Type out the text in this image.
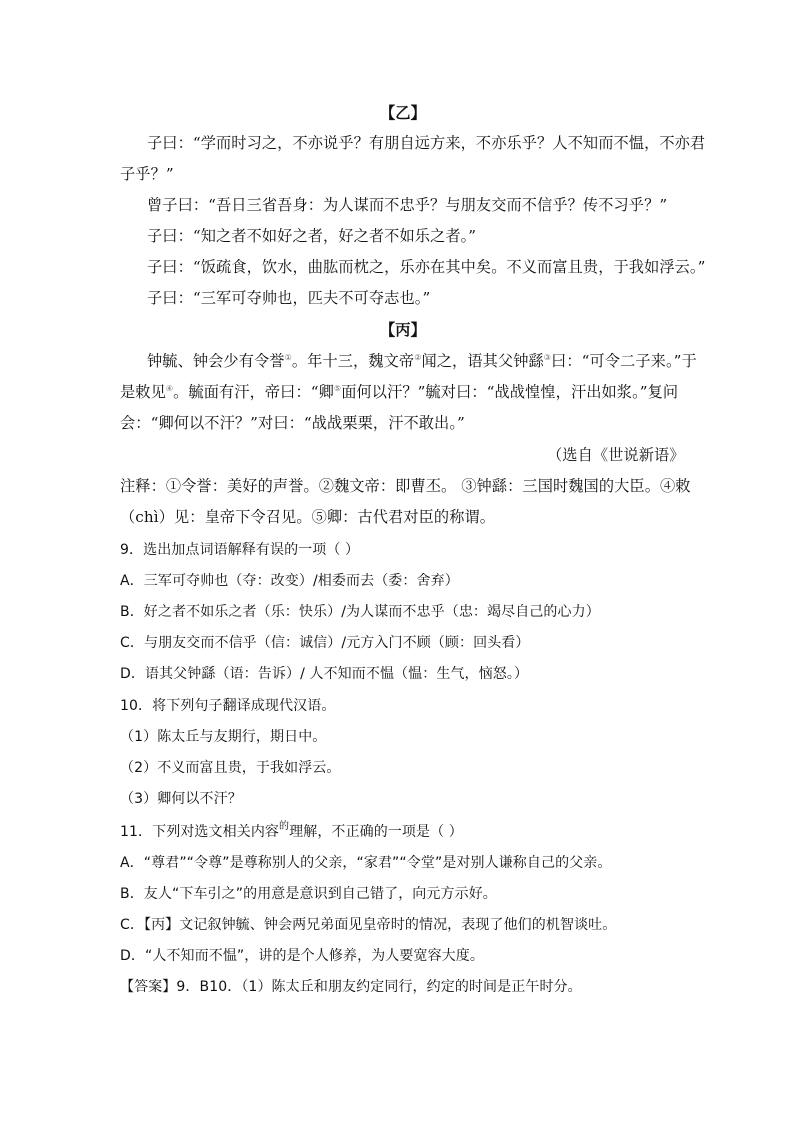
【乙】
子曰：“学而时习之，不亦说乎？有朋自远方来，不亦乐乎？人不知而不愠，不亦君
子乎？”
曾子曰：“吾日三省吾身：为人谋而不忠乎？与朋友交而不信乎？传不习乎？”
子曰：“知之者不如好之者，好之者不如乐之者。”
子曰：“饭疏食，饮水，曲肱而枕之，乐亦在其中矣。不义而富且贵，于我如浮云。”
子曰：“三军可夺帅也，匹夫不可夺志也。”
【丙】
钟毓、钟会少有令誉①。年十三，魏文帝②闻之，语其父钟繇③曰：“可令二子来。”于
是敕见④。毓面有汗，帝曰：“卿⑤面何以汗？”毓对曰：“战战惶惶，汗出如浆。”复问
会：“卿何以不汗？”对曰：“战战栗栗，汗不敢出。”
（选自《世说新语》
注释：①令誉：美好的声誉。②魏文帝：即曹丕。 ③钟繇：三国时魏国的大臣。④敕
（chì）见：皇帝下令召见。⑤卿：古代君对臣的称谓。
9．选出加点词语解释有误的一项（ ）
A．三军可夺帅也（夺：改变）/相委而去（委：舍弃）
B．好之者不如乐之者（乐：快乐）/为人谋而不忠乎（忠：竭尽自己的心力）
C．与朋友交而不信乎（信：诚信）/元方入门不顾（顾：回头看）
D．语其父钟繇（语：告诉）/ 人不知而不愠（愠：生气，恼怒。）
10．将下列句子翻译成现代汉语。
（1）陈太丘与友期行，期日中。
（2）不义而富且贵，于我如浮云。
（3）卿何以不汗？
11．下列对选文相关内容$^的$理解，不正确的一项是（ ）
A．“尊君”“令尊”是尊称别人的父亲，“家君”“令堂”是对别人谦称自己的父亲。
B．友人“下车引之”的用意是意识到自己错了，向元方示好。
C．【丙】文记叙钟毓、钟会两兄弟面见皇帝时的情况，表现了他们的机智谈吐。
D．“人不知而不愠”，讲的是个人修养，为人要宽容大度。
【答案】9．B10．（1）陈太丘和朋友约定同行，约定的时间是正午时分。
